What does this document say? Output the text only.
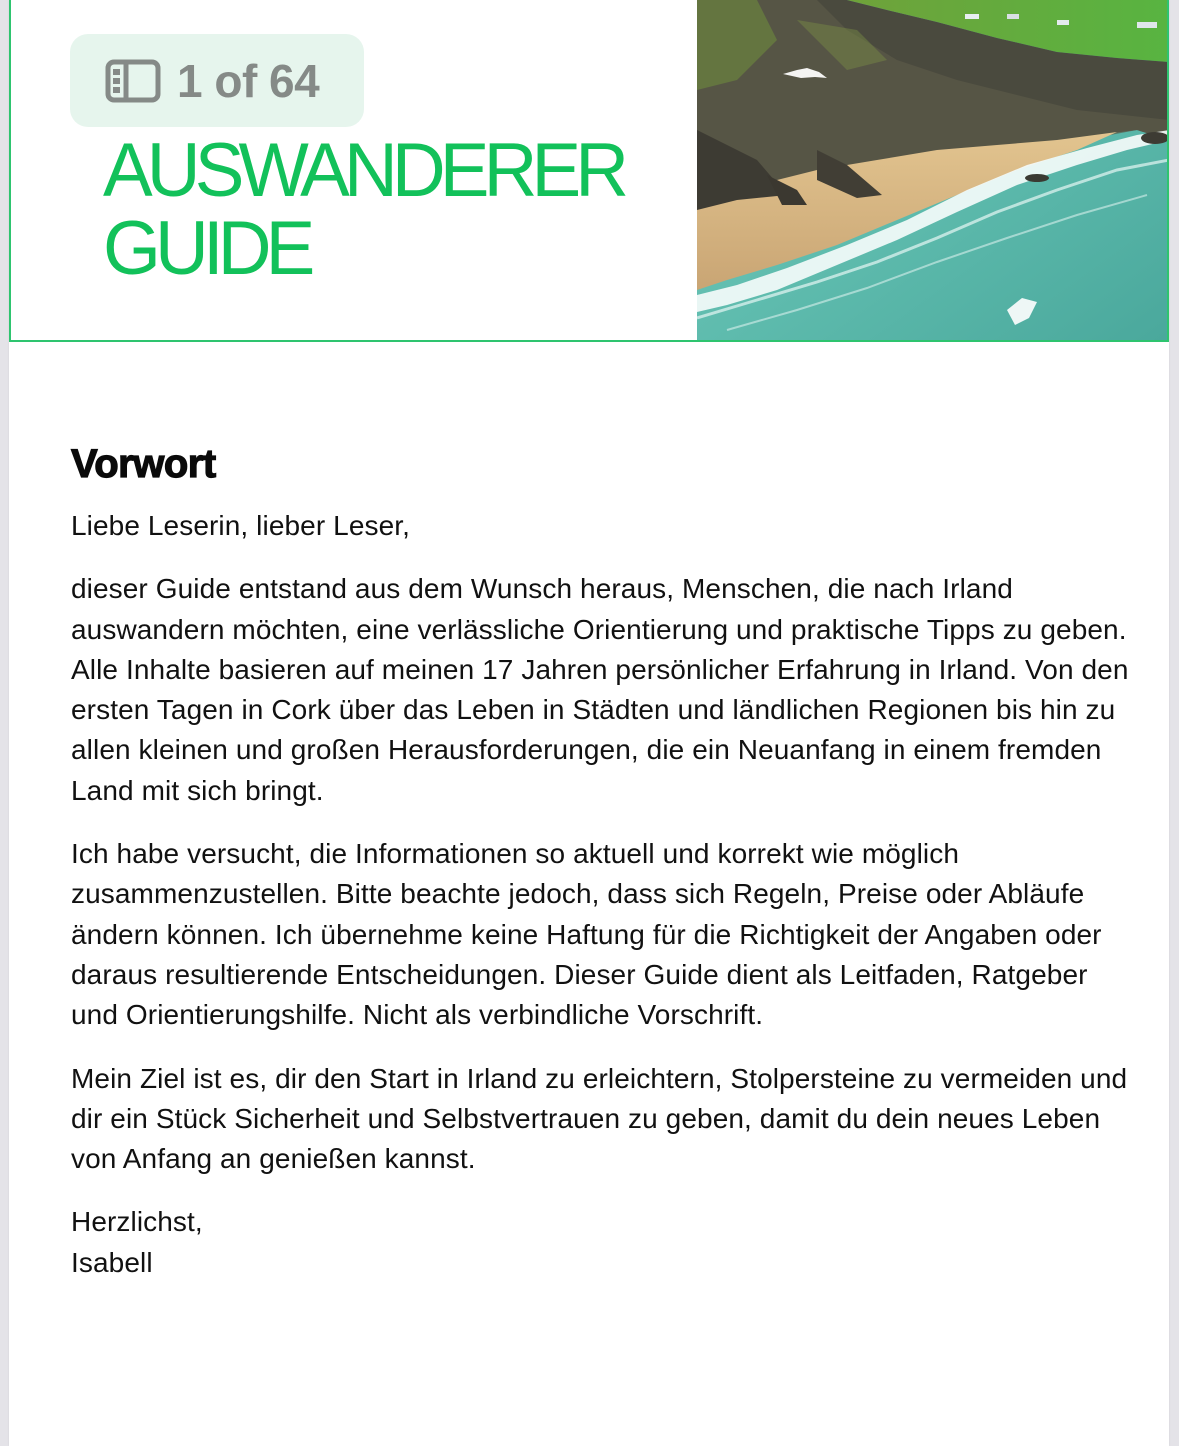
AUSWANDERER
GUIDE
1 of 64
Vorwort

Liebe Leserin, lieber Leser,

dieser Guide entstand aus dem Wunsch heraus, Menschen, die nach Irland auswandern möchten, eine verlässliche Orientierung und praktische Tipps zu geben. Alle Inhalte basieren auf meinen 17 Jahren persönlicher Erfahrung in Irland. Von den ersten Tagen in Cork über das Leben in Städten und ländlichen Regionen bis hin zu allen kleinen und großen Herausforderungen, die ein Neuanfang in einem fremden Land mit sich bringt.

Ich habe versucht, die Informationen so aktuell und korrekt wie möglich zusammenzustellen. Bitte beachte jedoch, dass sich Regeln, Preise oder Abläufe ändern können. Ich übernehme keine Haftung für die Richtigkeit der Angaben oder daraus resultierende Entscheidungen. Dieser Guide dient als Leitfaden, Ratgeber und Orientierungshilfe. Nicht als verbindliche Vorschrift.

Mein Ziel ist es, dir den Start in Irland zu erleichtern, Stolpersteine zu vermeiden und dir ein Stück Sicherheit und Selbstvertrauen zu geben, damit du dein neues Leben von Anfang an genießen kannst.

Herzlichst,

Isabell
